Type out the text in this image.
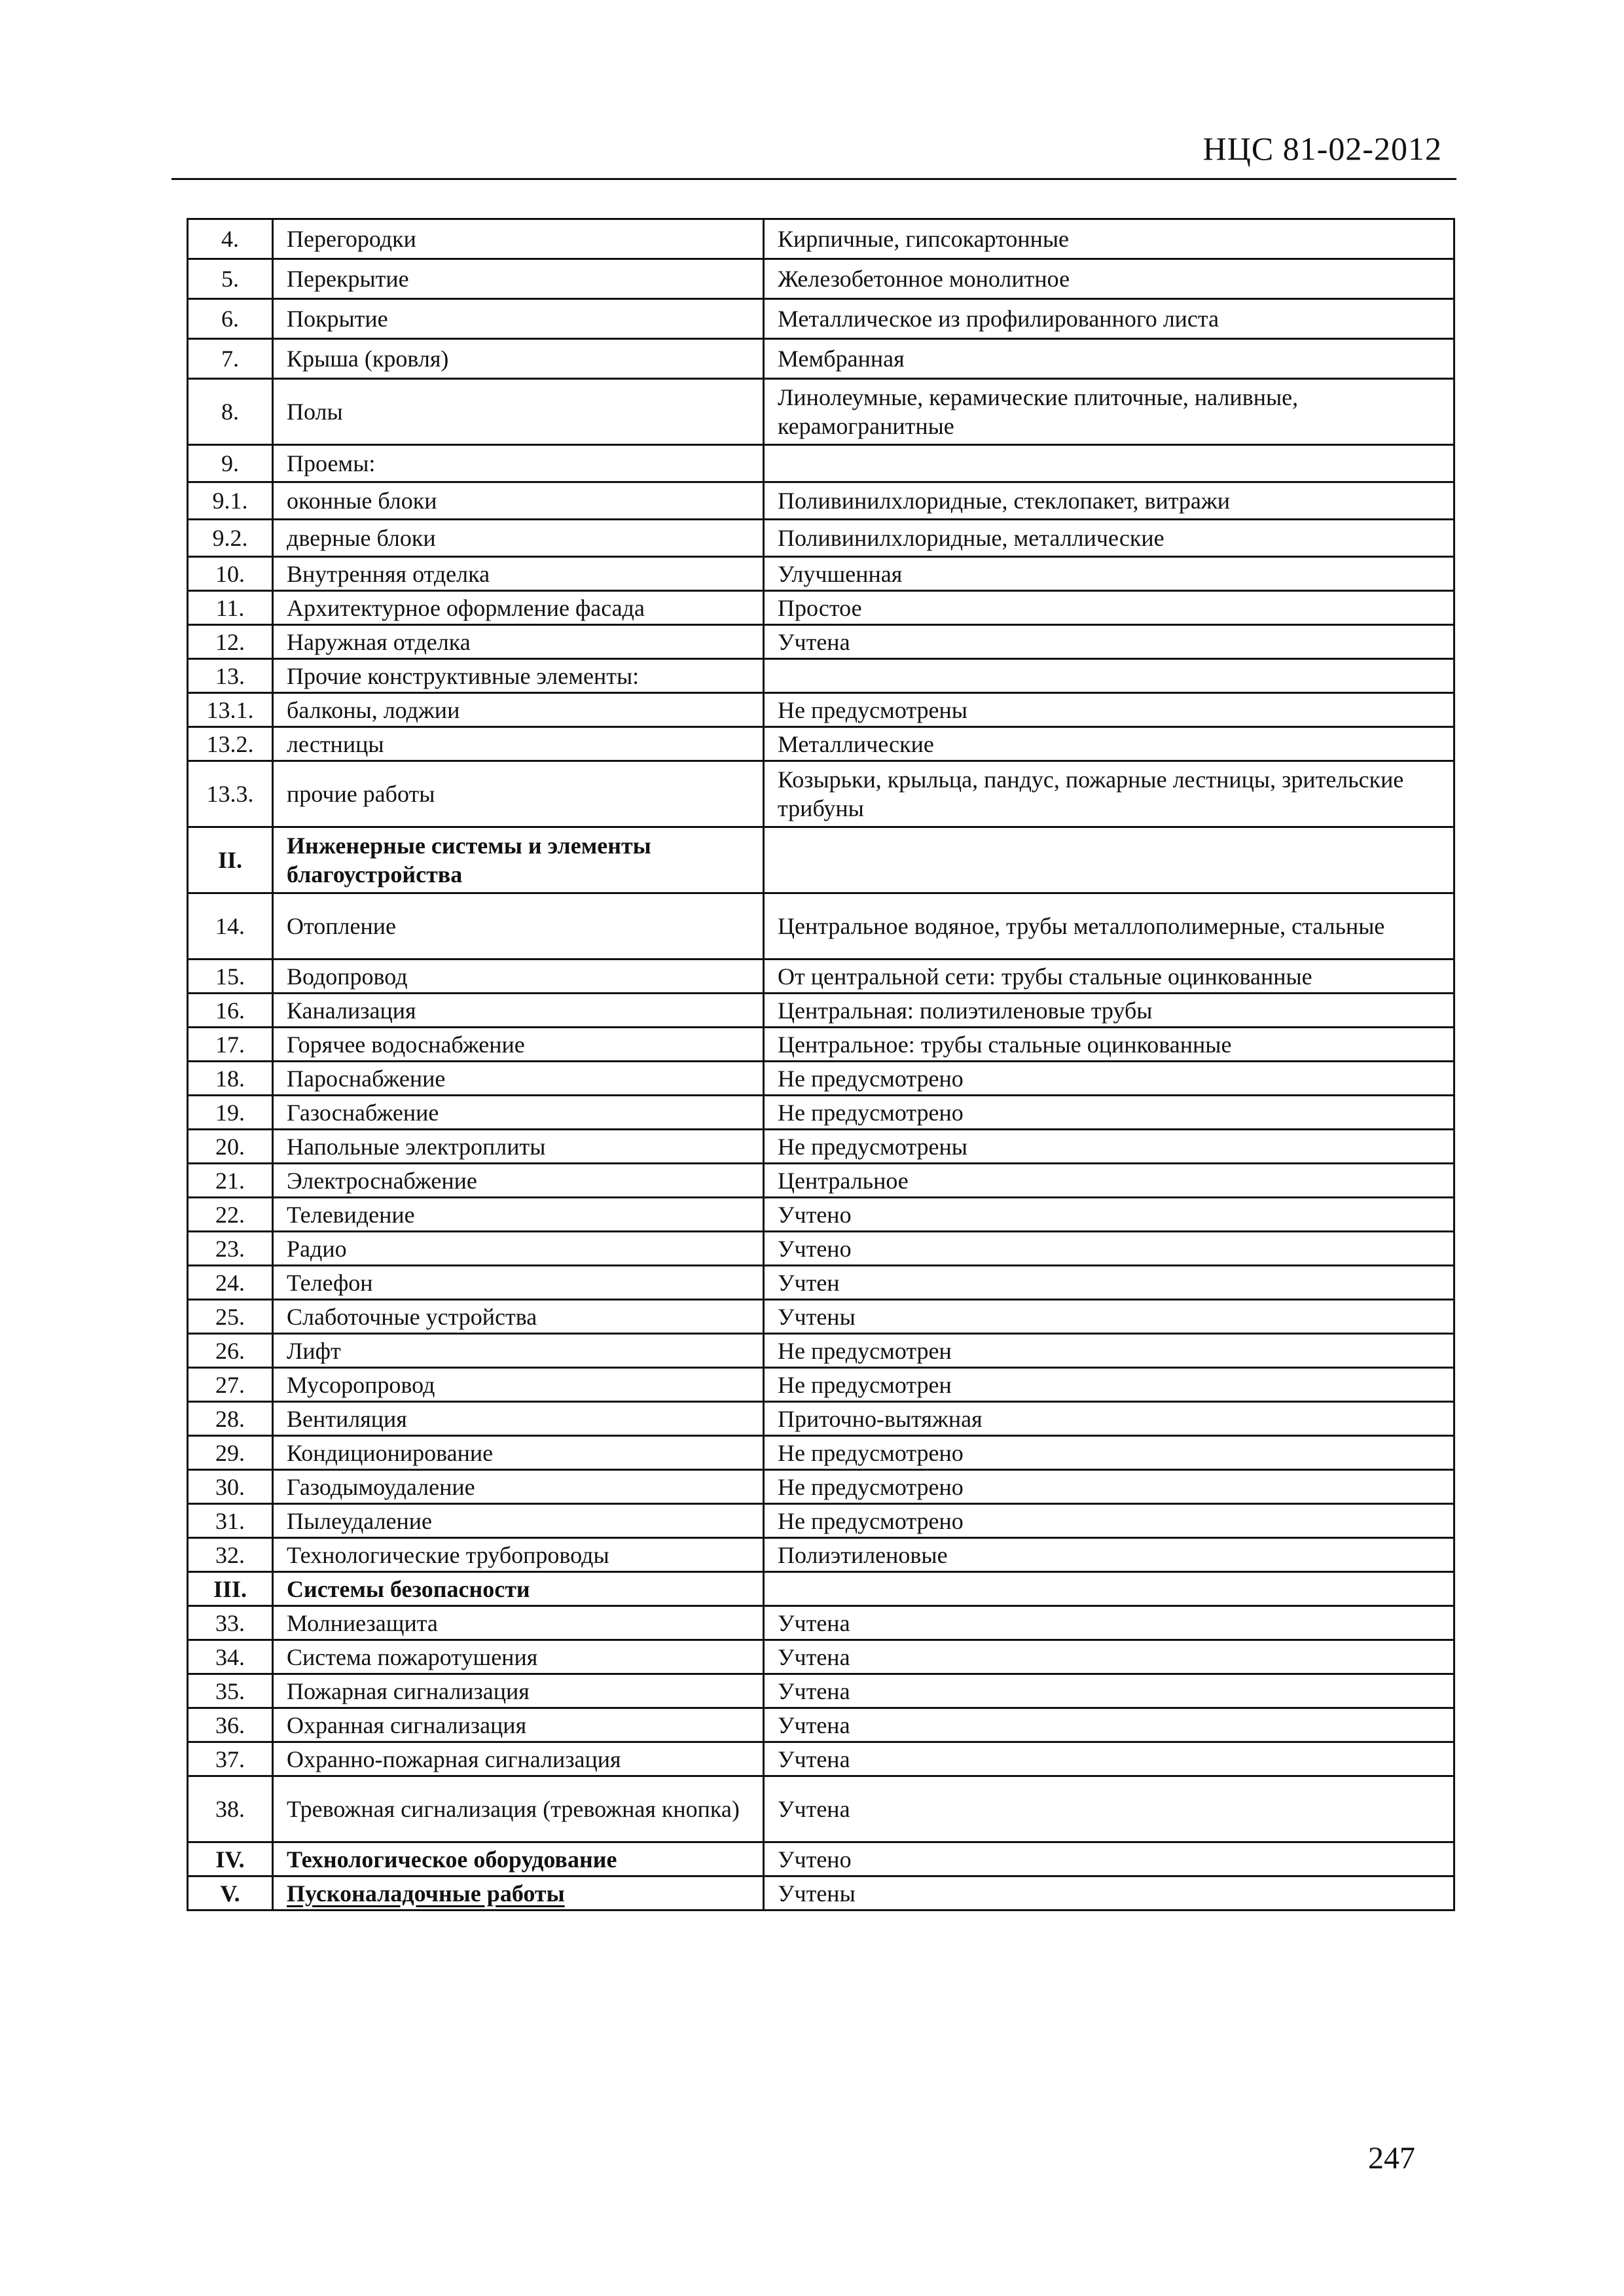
НЦС 81-02-2012
4.	Перегородки	Кирпичные, гипсокартонные
5.	Перекрытие	Железобетонное монолитное
6.	Покрытие	Металлическое из профилированного листа
7.	Крыша (кровля)	Мембранная
8.	Полы	Линолеумные, керамические плиточные, наливные, керамогранитные
9.	Проемы:	
9.1.	оконные блоки	Поливинилхлоридные, стеклопакет, витражи
9.2.	дверные блоки	Поливинилхлоридные, металлические
10.	Внутренняя отделка	Улучшенная
11.	Архитектурное оформление фасада	Простое
12.	Наружная отделка	Учтена
13.	Прочие конструктивные элементы:	
13.1.	балконы, лоджии	Не предусмотрены
13.2.	лестницы	Металлические
13.3.	прочие работы	Козырьки, крыльца, пандус, пожарные лестницы, зрительские трибуны
II.	Инженерные системы и элементы благоустройства	
14.	Отопление	Центральное водяное, трубы металлополимерные, стальные
15.	Водопровод	От центральной сети: трубы стальные оцинкованные
16.	Канализация	Центральная: полиэтиленовые трубы
17.	Горячее водоснабжение	Центральное: трубы стальные оцинкованные
18.	Пароснабжение	Не предусмотрено
19.	Газоснабжение	Не предусмотрено
20.	Напольные электроплиты	Не предусмотрены
21.	Электроснабжение	Центральное
22.	Телевидение	Учтено
23.	Радио	Учтено
24.	Телефон	Учтен
25.	Слаботочные устройства	Учтены
26.	Лифт	Не предусмотрен
27.	Мусоропровод	Не предусмотрен
28.	Вентиляция	Приточно-вытяжная
29.	Кондиционирование	Не предусмотрено
30.	Газодымоудаление	Не предусмотрено
31.	Пылеудаление	Не предусмотрено
32.	Технологические трубопроводы	Полиэтиленовые
III.	Системы безопасности	
33.	Молниезащита	Учтена
34.	Система пожаротушения	Учтена
35.	Пожарная сигнализация	Учтена
36.	Охранная сигнализация	Учтена
37.	Охранно-пожарная сигнализация	Учтена
38.	Тревожная сигнализация (тревожная кнопка)	Учтена
IV.	Технологическое оборудование	Учтено
V.	Пусконаладочные работы	Учтены
247
